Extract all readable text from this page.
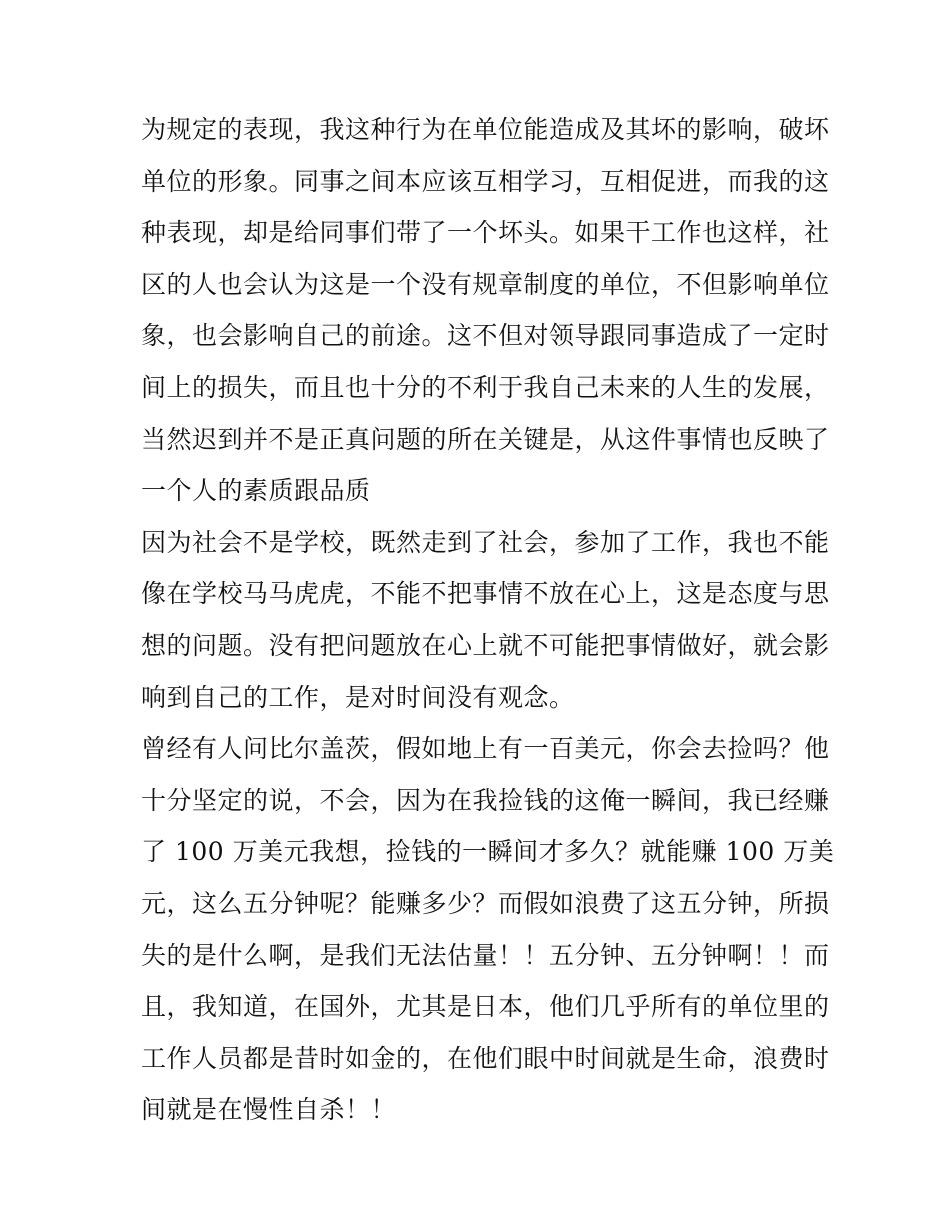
为规定的表现，我这种行为在单位能造成及其坏的影响，破坏
单位的形象。同事之间本应该互相学习，互相促进，而我的这
种表现，却是给同事们带了一个坏头。如果干工作也这样，社
区的人也会认为这是一个没有规章制度的单位，不但影响单位
象，也会影响自己的前途。这不但对领导跟同事造成了一定时
间上的损失，而且也十分的不利于我自己未来的人生的发展，
当然迟到并不是正真问题的所在关键是，从这件事情也反映了
一个人的素质跟品质
因为社会不是学校，既然走到了社会，参加了工作，我也不能
像在学校马马虎虎，不能不把事情不放在心上，这是态度与思
想的问题。没有把问题放在心上就不可能把事情做好，就会影
响到自己的工作，是对时间没有观念。
曾经有人问比尔盖茨，假如地上有一百美元，你会去捡吗？他
十分坚定的说，不会，因为在我捡钱的这俺一瞬间，我已经赚
了 100 万美元我想，捡钱的一瞬间才多久？就能赚 100 万美
元，这么五分钟呢？能赚多少？而假如浪费了这五分钟，所损
失的是什么啊，是我们无法估量！！五分钟、五分钟啊！！而
且，我知道，在国外，尤其是日本，他们几乎所有的单位里的
工作人员都是昔时如金的，在他们眼中时间就是生命，浪费时
间就是在慢性自杀！！
